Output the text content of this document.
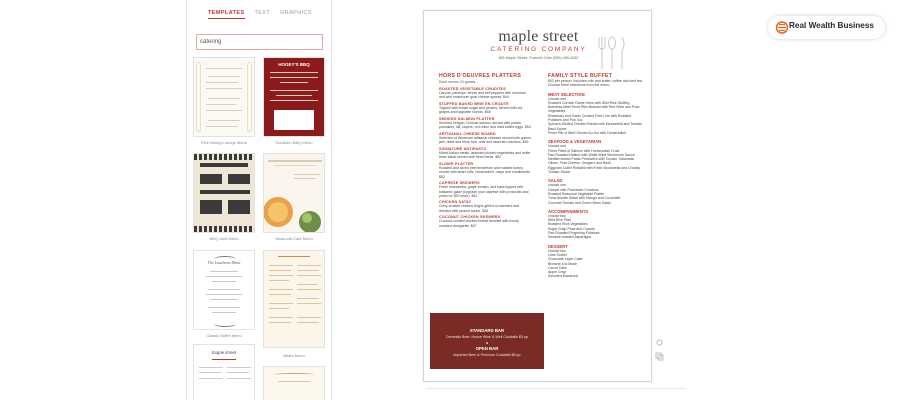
TEMPLATES TEXT GRAPHICS
catering
Pine Dining Lounge Menu
HOGEY'S BBQ
Southern BBQ Menu
BBQ Joint Menu	Seasonal Café Menu
The Luncheon Menu
Classic Buffet Menu
Bistro Menu
maple street
maple street
CATERING COMPANY
456 Maple Street, Franklin Ohio (555) 456-5557
HORS D'OEUVRES PLATTERS
Each serves 20 guests.
ROASTED VEGETABLE CRUDITES
Carrots, parsnips, fennel and bell peppers with hummus and wild mushroom goat cheese spread. $44
STUFFED BAKED BRIE EN CROUTE
Topped with brown sugar and pecans, served with cut grapes and baguette rounds. $48
SMOKED SALMON PLATTER
Smoked Oregon Chinook salmon, served with potato pancakes, dill, capers, red onion and hard boiled eggs. $54
ARTISANAL CHEESE BOARD
Selection of American artisanal cheeses served with quince jam, dried and fresh fruit, nuts and assorted crackers. $49
SIGNATURE ANTIPASTO
Mixed Italian meats, assorted pickled vegetables and white bean salad served with fresh herbs. $52
SLIDER PLATTER
Roasted and sliced beef tenderloin and roasted turkey, served with slider rolls, horseradish, mayo and condiments. $52
CAPRESE SKEWERS
Fresh mozzarella, grape tomato, and basil topped with balsamic glaze (upgrade your caprese with prosciutto and pesto for $20 more). $42
CHICKEN SATAY
Curry-crusted chicken thighs grilled on skewers and drizzled with peanut sauce. $46
COCONUT CHICKEN SKEWERS
Coconut-crusted chicken breast drizzled with honey mustard vinaigrette. $47
STANDARD BAR
Domestic Beer, House Wine & Well Cocktails $5 pp
OPEN BAR
Imported Beer & Premium Cocktails $8 pp
FAMILY STYLE BUFFET
$42 per person. Includes rolls and butter, coffee and iced tea. Choose three selections from the menu.
MEAT SELECTION
choose one
Roasted Cornish Game Hens with Wild Rice Stuffing
Boneless Beef Short Ribs Braised with Red Wine and Root Vegetables
Rosemary and Garlic Crusted Pork Loin with Roasted Potatoes and Pan Jus
Spinach-Stuffed Chicken Breast with Mozzarella and Tomato Basil Sauce
Prime Rib of Beef Served Au Jus with Horseradish
SEAFOOD & VEGETARIAN
choose one
Fresh Filets of Salmon with Horseradish Crust
Pan-Roasted Halibut with White Wine Mushroom Sauce
Mediterranean Pasta Primavera with Tomato, Kalamata Olives, Feta Cheese, Oregano and Basil
Eggplant Cutlet Rollatini with Fresh Mozzarella and Chunky Tomato Sauce
SALAD
choose one
Caesar with Parmesan Croutons
Roasted Seasonal Vegetable Platter
Tuna Noodle Salad with Mango and Cucumber
Gourmet Tomato and Green Bean Salad
ACCOMPANIMENTS
choose two
Wild Rice Pilaf
Roasted Root Vegetables
Sugar Snap Peas and Carrots
Pan-Roasted Fingerling Potatoes
Sesame-roasted Asparagus
DESSERT
choose two
Lime Sorbet
Chocolate Layer Cake
Brownie a la Mode
Carrot Cake
Apple Crisp
Assorted Macarons
Real Wealth Business
